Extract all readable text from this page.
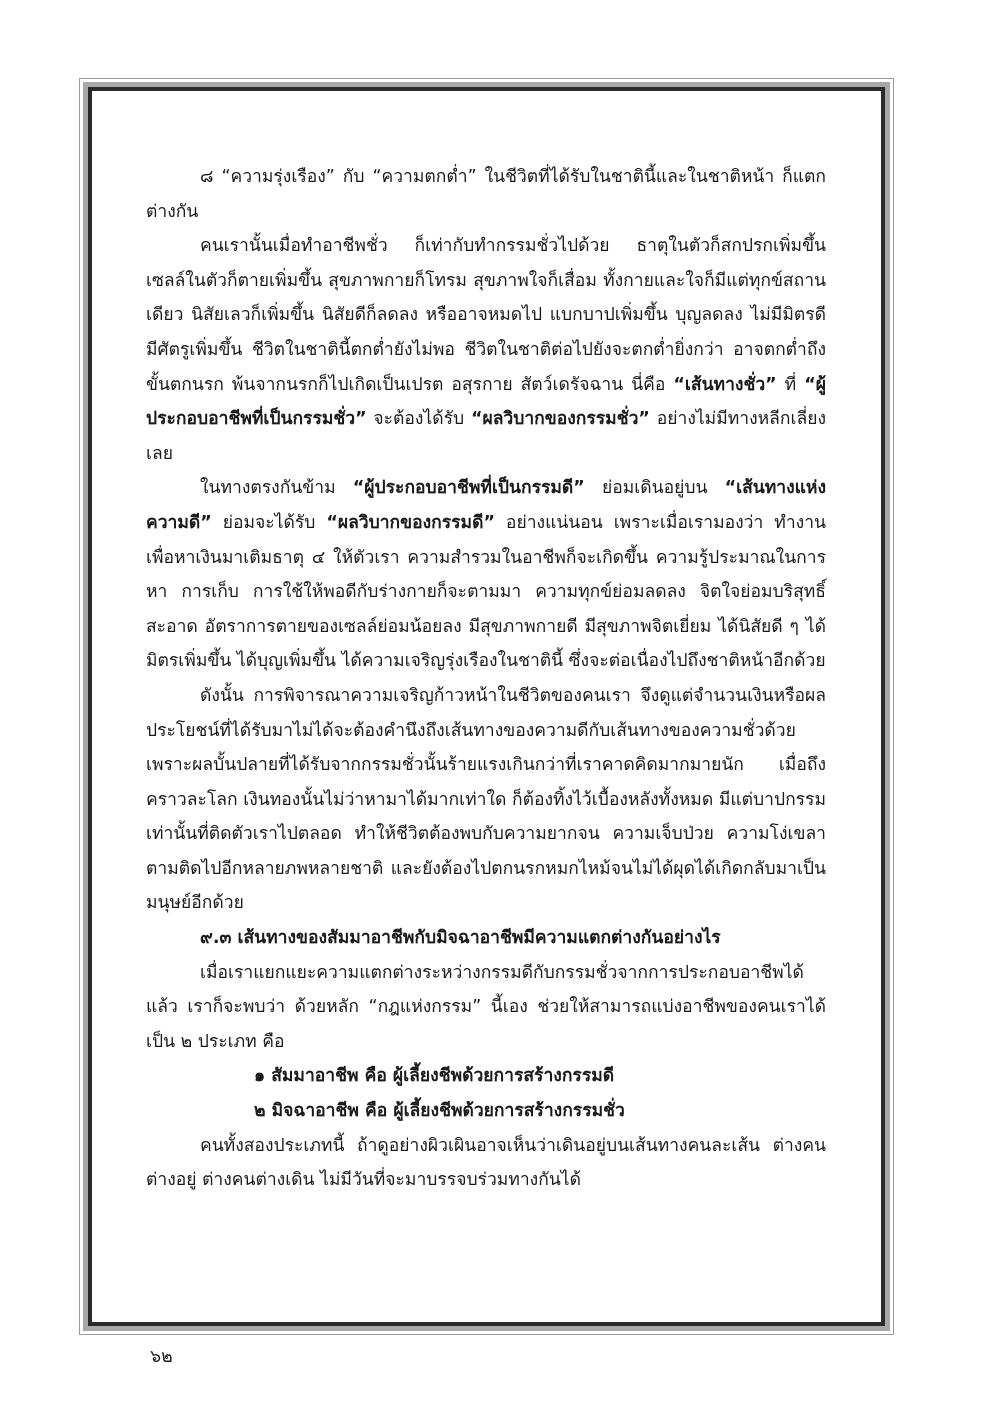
๘ “ความรุ่งเรือง” กับ “ความตกต่ำ” ในชีวิตที่ได้รับในชาตินี้และในชาติหน้า ก็แตกต่างกัน

คนเรานั้นเมื่อทำอาชีพชั่ว ก็เท่ากับทำกรรมชั่วไปด้วย ธาตุในตัวก็สกปรกเพิ่มขึ้น เซลล์ในตัวก็ตายเพิ่มขึ้น สุขภาพกายก็โทรม สุขภาพใจก็เสื่อม ทั้งกายและใจก็มีแต่ทุกข์สถานเดียว นิสัยเลวก็เพิ่มขึ้น นิสัยดีก็ลดลง หรืออาจหมดไป แบกบาปเพิ่มขึ้น บุญลดลง ไม่มีมิตรดี มีศัตรูเพิ่มขึ้น ชีวิตในชาตินี้ตกต่ำยังไม่พอ ชีวิตในชาติต่อไปยังจะตกต่ำยิ่งกว่า อาจตกต่ำถึงขั้นตกนรก พ้นจากนรกก็ไปเกิดเป็นเปรต อสุรกาย สัตว์เดรัจฉาน นี่คือ “เส้นทางชั่ว” ที่ “ผู้ประกอบอาชีพที่เป็นกรรมชั่ว” จะต้องได้รับ “ผลวิบากของกรรมชั่ว” อย่างไม่มีทางหลีกเลี่ยงเลย

ในทางตรงกันข้าม “ผู้ประกอบอาชีพที่เป็นกรรมดี” ย่อมเดินอยู่บน “เส้นทางแห่งความดี” ย่อมจะได้รับ “ผลวิบากของกรรมดี” อย่างแน่นอน เพราะเมื่อเรามองว่า ทำงานเพื่อหาเงินมาเติมธาตุ ๔ ให้ตัวเรา ความสำรวมในอาชีพก็จะเกิดขึ้น ความรู้ประมาณในการหา การเก็บ การใช้ให้พอดีกับร่างกายก็จะตามมา ความทุกข์ย่อมลดลง จิตใจย่อมบริสุทธิ์สะอาด อัตราการตายของเซลล์ย่อมน้อยลง มีสุขภาพกายดี มีสุขภาพจิตเยี่ยม ได้นิสัยดี ๆ ได้มิตรเพิ่มขึ้น ได้บุญเพิ่มขึ้น ได้ความเจริญรุ่งเรืองในชาตินี้ ซึ่งจะต่อเนื่องไปถึงชาติหน้าอีกด้วย

ดังนั้น การพิจารณาความเจริญก้าวหน้าในชีวิตของคนเรา จึงดูแต่จำนวนเงินหรือผลประโยชน์ที่ได้รับมาไม่ได้จะต้องคำนึงถึงเส้นทางของความดีกับเส้นทางของความชั่วด้วย เพราะผลบั้นปลายที่ได้รับจากกรรมชั่วนั้นร้ายแรงเกินกว่าที่เราคาดคิดมากมายนัก เมื่อถึงคราวละโลก เงินทองนั้นไม่ว่าหามาได้มากเท่าใด ก็ต้องทิ้งไว้เบื้องหลังทั้งหมด มีแต่บาปกรรมเท่านั้นที่ติดตัวเราไปตลอด ทำให้ชีวิตต้องพบกับความยากจน ความเจ็บป่วย ความโง่เขลาตามติดไปอีกหลายภพหลายชาติ และยังต้องไปตกนรกหมกไหม้จนไม่ได้ผุดได้เกิดกลับมาเป็นมนุษย์อีกด้วย

๙.๓ เส้นทางของสัมมาอาชีพกับมิจฉาอาชีพมีความแตกต่างกันอย่างไร

เมื่อเราแยกแยะความแตกต่างระหว่างกรรมดีกับกรรมชั่วจากการประกอบอาชีพได้แล้ว เราก็จะพบว่า ด้วยหลัก “กฎแห่งกรรม” นี้เอง ช่วยให้สามารถแบ่งอาชีพของคนเราได้เป็น ๒ ประเภท คือ

๑ สัมมาอาชีพ คือ ผู้เลี้ยงชีพด้วยการสร้างกรรมดี

๒ มิจฉาอาชีพ คือ ผู้เลี้ยงชีพด้วยการสร้างกรรมชั่ว

คนทั้งสองประเภทนี้ ถ้าดูอย่างผิวเผินอาจเห็นว่าเดินอยู่บนเส้นทางคนละเส้น ต่างคนต่างอยู่ ต่างคนต่างเดิน ไม่มีวันที่จะมาบรรจบร่วมทางกันได้

๖๒
